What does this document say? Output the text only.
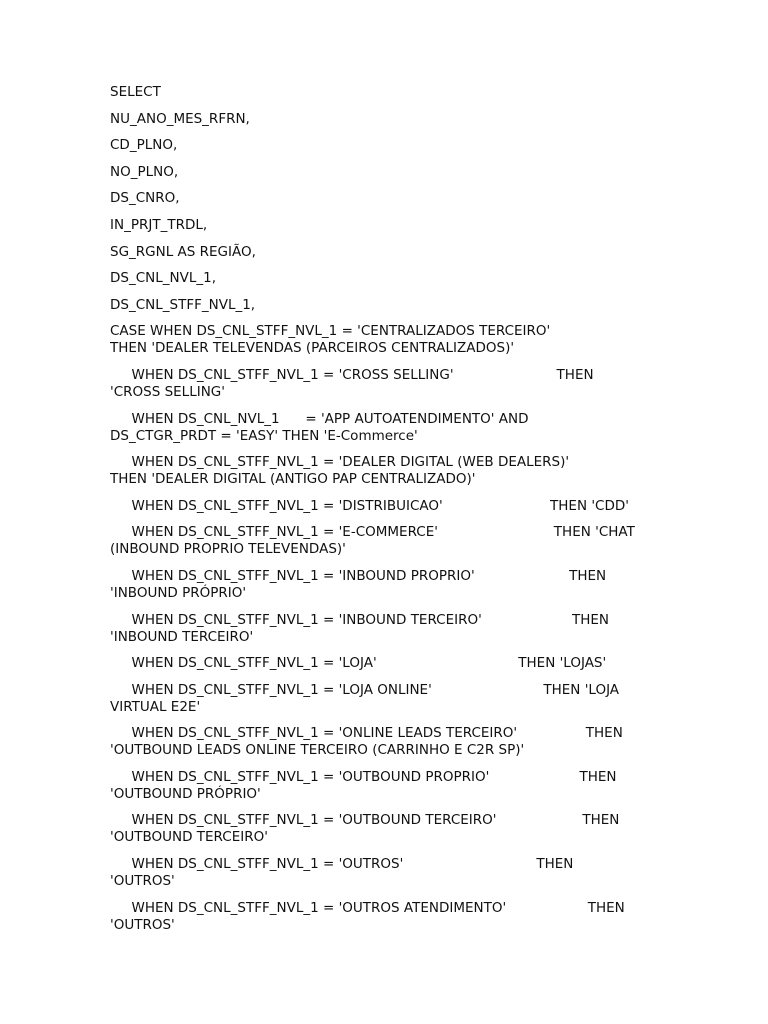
SELECT

NU_ANO_MES_RFRN,

CD_PLNO,

NO_PLNO,

DS_CNRO,

IN_PRJT_TRDL,

SG_RGNL AS REGIÃO,

DS_CNL_NVL_1,

DS_CNL_STFF_NVL_1,

CASE WHEN DS_CNL_STFF_NVL_1 = 'CENTRALIZADOS TERCEIRO'
THEN 'DEALER TELEVENDAS (PARCEIROS CENTRALIZADOS)'

WHEN DS_CNL_STFF_NVL_1 = 'CROSS SELLING'                        THEN
'CROSS SELLING'

WHEN DS_CNL_NVL_1      = 'APP AUTOATENDIMENTO' AND
DS_CTGR_PRDT = 'EASY' THEN 'E-Commerce'

WHEN DS_CNL_STFF_NVL_1 = 'DEALER DIGITAL (WEB DEALERS)'
THEN 'DEALER DIGITAL (ANTIGO PAP CENTRALIZADO)'

WHEN DS_CNL_STFF_NVL_1 = 'DISTRIBUICAO'                         THEN 'CDD'

WHEN DS_CNL_STFF_NVL_1 = 'E-COMMERCE'                           THEN 'CHAT
(INBOUND PROPRIO TELEVENDAS)'

WHEN DS_CNL_STFF_NVL_1 = 'INBOUND PROPRIO'                      THEN
'INBOUND PRÓPRIO'

WHEN DS_CNL_STFF_NVL_1 = 'INBOUND TERCEIRO'                     THEN
'INBOUND TERCEIRO'

WHEN DS_CNL_STFF_NVL_1 = 'LOJA'                                 THEN 'LOJAS'

WHEN DS_CNL_STFF_NVL_1 = 'LOJA ONLINE'                          THEN 'LOJA
VIRTUAL E2E'

WHEN DS_CNL_STFF_NVL_1 = 'ONLINE LEADS TERCEIRO'                THEN
'OUTBOUND LEADS ONLINE TERCEIRO (CARRINHO E C2R SP)'

WHEN DS_CNL_STFF_NVL_1 = 'OUTBOUND PROPRIO'                     THEN
'OUTBOUND PRÓPRIO'

WHEN DS_CNL_STFF_NVL_1 = 'OUTBOUND TERCEIRO'                    THEN
'OUTBOUND TERCEIRO'

WHEN DS_CNL_STFF_NVL_1 = 'OUTROS'                               THEN
'OUTROS'

WHEN DS_CNL_STFF_NVL_1 = 'OUTROS ATENDIMENTO'                   THEN
'OUTROS'
